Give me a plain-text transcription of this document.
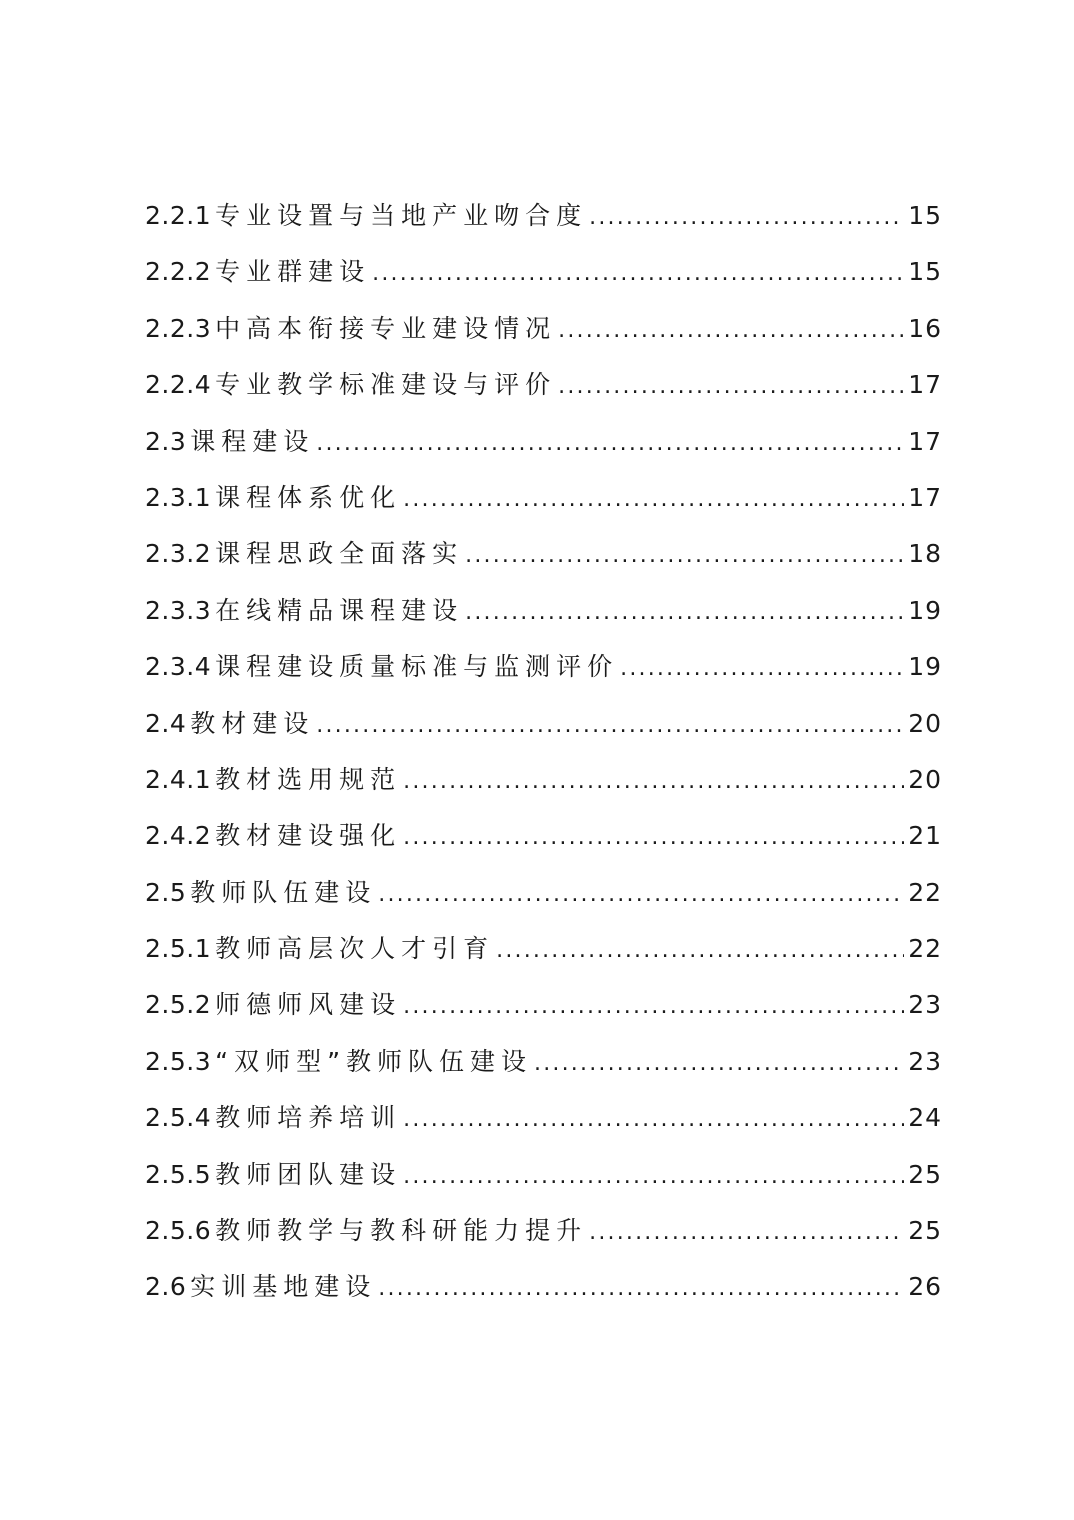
2.2.1 专业设置与当地产业吻合度 .....	15
2.2.2 专业群建设 .....	15
2.2.3 中高本衔接专业建设情况 .....	16
2.2.4 专业教学标准建设与评价 .....	17
2.3 课程建设 .....	17
2.3.1 课程体系优化 .....	17
2.3.2 课程思政全面落实 .....	18
2.3.3 在线精品课程建设 .....	19
2.3.4 课程建设质量标准与监测评价 .....	19
2.4 教材建设 .....	20
2.4.1 教材选用规范 .....	20
2.4.2 教材建设强化 .....	21
2.5 教师队伍建设 .....	22
2.5.1 教师高层次人才引育 .....	22
2.5.2 师德师风建设 .....	23
2.5.3 “双师型”教师队伍建设 .....	23
2.5.4 教师培养培训 .....	24
2.5.5 教师团队建设 .....	25
2.5.6 教师教学与教科研能力提升 .....	25
2.6 实训基地建设 .....	26
